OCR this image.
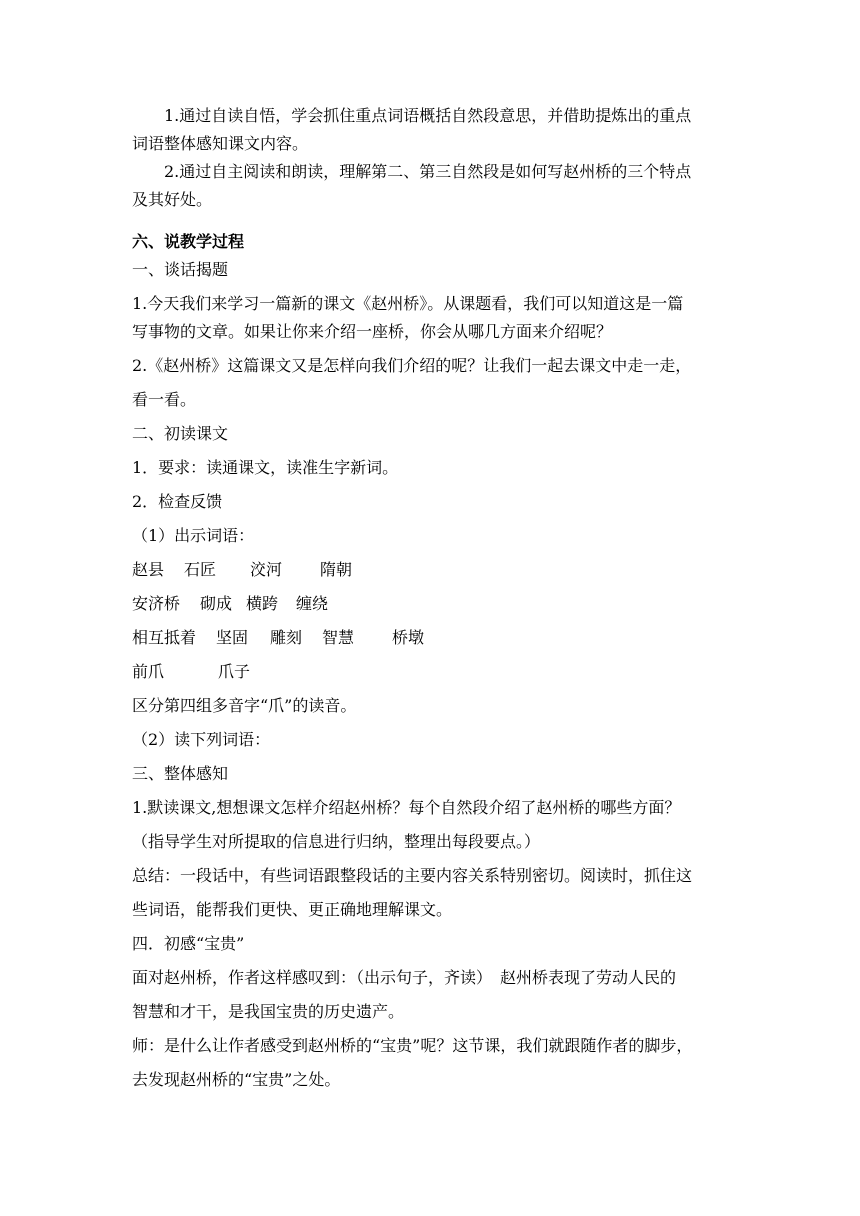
1.通过自读自悟，学会抓住重点词语概括自然段意思，并借助提炼出的重点
词语整体感知课文内容。
2.通过自主阅读和朗读，理解第二、第三自然段是如何写赵州桥的三个特点
及其好处。
六、说教学过程
一、谈话揭题
1.今天我们来学习一篇新的课文《赵州桥》。从课题看，我们可以知道这是一篇
写事物的文章。如果让你来介绍一座桥，你会从哪几方面来介绍呢？
2.《赵州桥》这篇课文又是怎样向我们介绍的呢？让我们一起去课文中走一走，
看一看。
二、初读课文
1．要求：读通课文，读准生字新词。
2．检查反馈
（1）出示词语：
赵县 石匠 洨河 隋朝
安济桥 砌成 横跨 缠绕
相互抵着 坚固 雕刻 智慧 桥墩
前爪	爪子
区分第四组多音字“爪”的读音。
（2）读下列词语：
三、整体感知
1.默读课文,想想课文怎样介绍赵州桥？每个自然段介绍了赵州桥的哪些方面？
（指导学生对所提取的信息进行归纳，整理出每段要点。）
总结：一段话中，有些词语跟整段话的主要内容关系特别密切。阅读时，抓住这
些词语，能帮我们更快、更正确地理解课文。
四．初感“宝贵”
面对赵州桥，作者这样感叹到：（出示句子，齐读）　赵州桥表现了劳动人民的
智慧和才干，是我国宝贵的历史遗产。
师：是什么让作者感受到赵州桥的“宝贵”呢？这节课，我们就跟随作者的脚步，
去发现赵州桥的“宝贵”之处。
